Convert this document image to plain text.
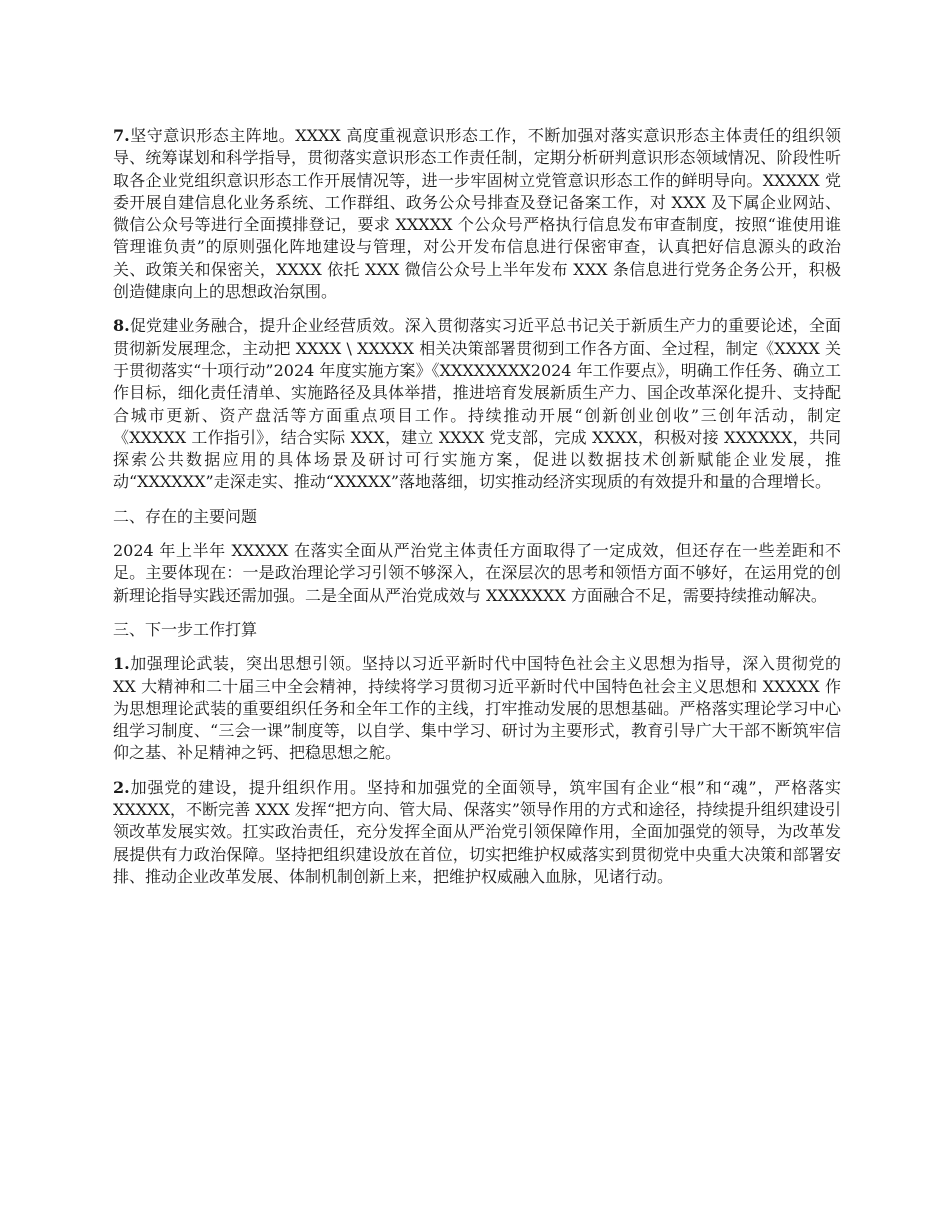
7.坚守意识形态主阵地。XXXX 高度重视意识形态工作，不断加强对落实意识形态主体责任的组织领导、统筹谋划和科学指导，贯彻落实意识形态工作责任制，定期分析研判意识形态领域情况、阶段性听取各企业党组织意识形态工作开展情况等，进一步牢固树立党管意识形态工作的鲜明导向。XXXXX 党委开展自建信息化业务系统、工作群组、政务公众号排查及登记备案工作，对 XXX 及下属企业网站、微信公众号等进行全面摸排登记，要求 XXXXX 个公众号严格执行信息发布审查制度，按照“谁使用谁管理谁负责”的原则强化阵地建设与管理，对公开发布信息进行保密审查，认真把好信息源头的政治关、政策关和保密关，XXXX 依托 XXX 微信公众号上半年发布 XXX 条信息进行党务企务公开，积极创造健康向上的思想政治氛围。

8.促党建业务融合，提升企业经营质效。深入贯彻落实习近平总书记关于新质生产力的重要论述，全面贯彻新发展理念，主动把 XXXX \ XXXXX 相关决策部署贯彻到工作各方面、全过程，制定《XXXX 关于贯彻落实“十项行动”2024 年度实施方案》《XXXXXXXX2024 年工作要点》，明确工作任务、确立工作目标，细化责任清单、实施路径及具体举措，推进培育发展新质生产力、国企改革深化提升、支持配合城市更新、资产盘活等方面重点项目工作。持续推动开展“创新创业创收”三创年活动，制定《XXXXX 工作指引》，结合实际 XXX，建立 XXXX 党支部，完成 XXXX，积极对接 XXXXXX，共同探索公共数据应用的具体场景及研讨可行实施方案，促进以数据技术创新赋能企业发展，推动“XXXXXX”走深走实、推动“XXXXX”落地落细，切实推动经济实现质的有效提升和量的合理增长。

二、存在的主要问题

2024 年上半年 XXXXX 在落实全面从严治党主体责任方面取得了一定成效，但还存在一些差距和不足。主要体现在：一是政治理论学习引领不够深入，在深层次的思考和领悟方面不够好，在运用党的创新理论指导实践还需加强。二是全面从严治党成效与 XXXXXXX 方面融合不足，需要持续推动解决。

三、下一步工作打算

1.加强理论武装，突出思想引领。坚持以习近平新时代中国特色社会主义思想为指导，深入贯彻党的 XX 大精神和二十届三中全会精神，持续将学习贯彻习近平新时代中国特色社会主义思想和 XXXXX 作为思想理论武装的重要组织任务和全年工作的主线，打牢推动发展的思想基础。严格落实理论学习中心组学习制度、“三会一课”制度等，以自学、集中学习、研讨为主要形式，教育引导广大干部不断筑牢信仰之基、补足精神之钙、把稳思想之舵。

2.加强党的建设，提升组织作用。坚持和加强党的全面领导，筑牢国有企业“根”和“魂”，严格落实 XXXXX，不断完善 XXX 发挥“把方向、管大局、保落实”领导作用的方式和途径，持续提升组织建设引领改革发展实效。扛实政治责任，充分发挥全面从严治党引领保障作用，全面加强党的领导，为改革发展提供有力政治保障。坚持把组织建设放在首位，切实把维护权威落实到贯彻党中央重大决策和部署安排、推动企业改革发展、体制机制创新上来，把维护权威融入血脉，见诸行动。
